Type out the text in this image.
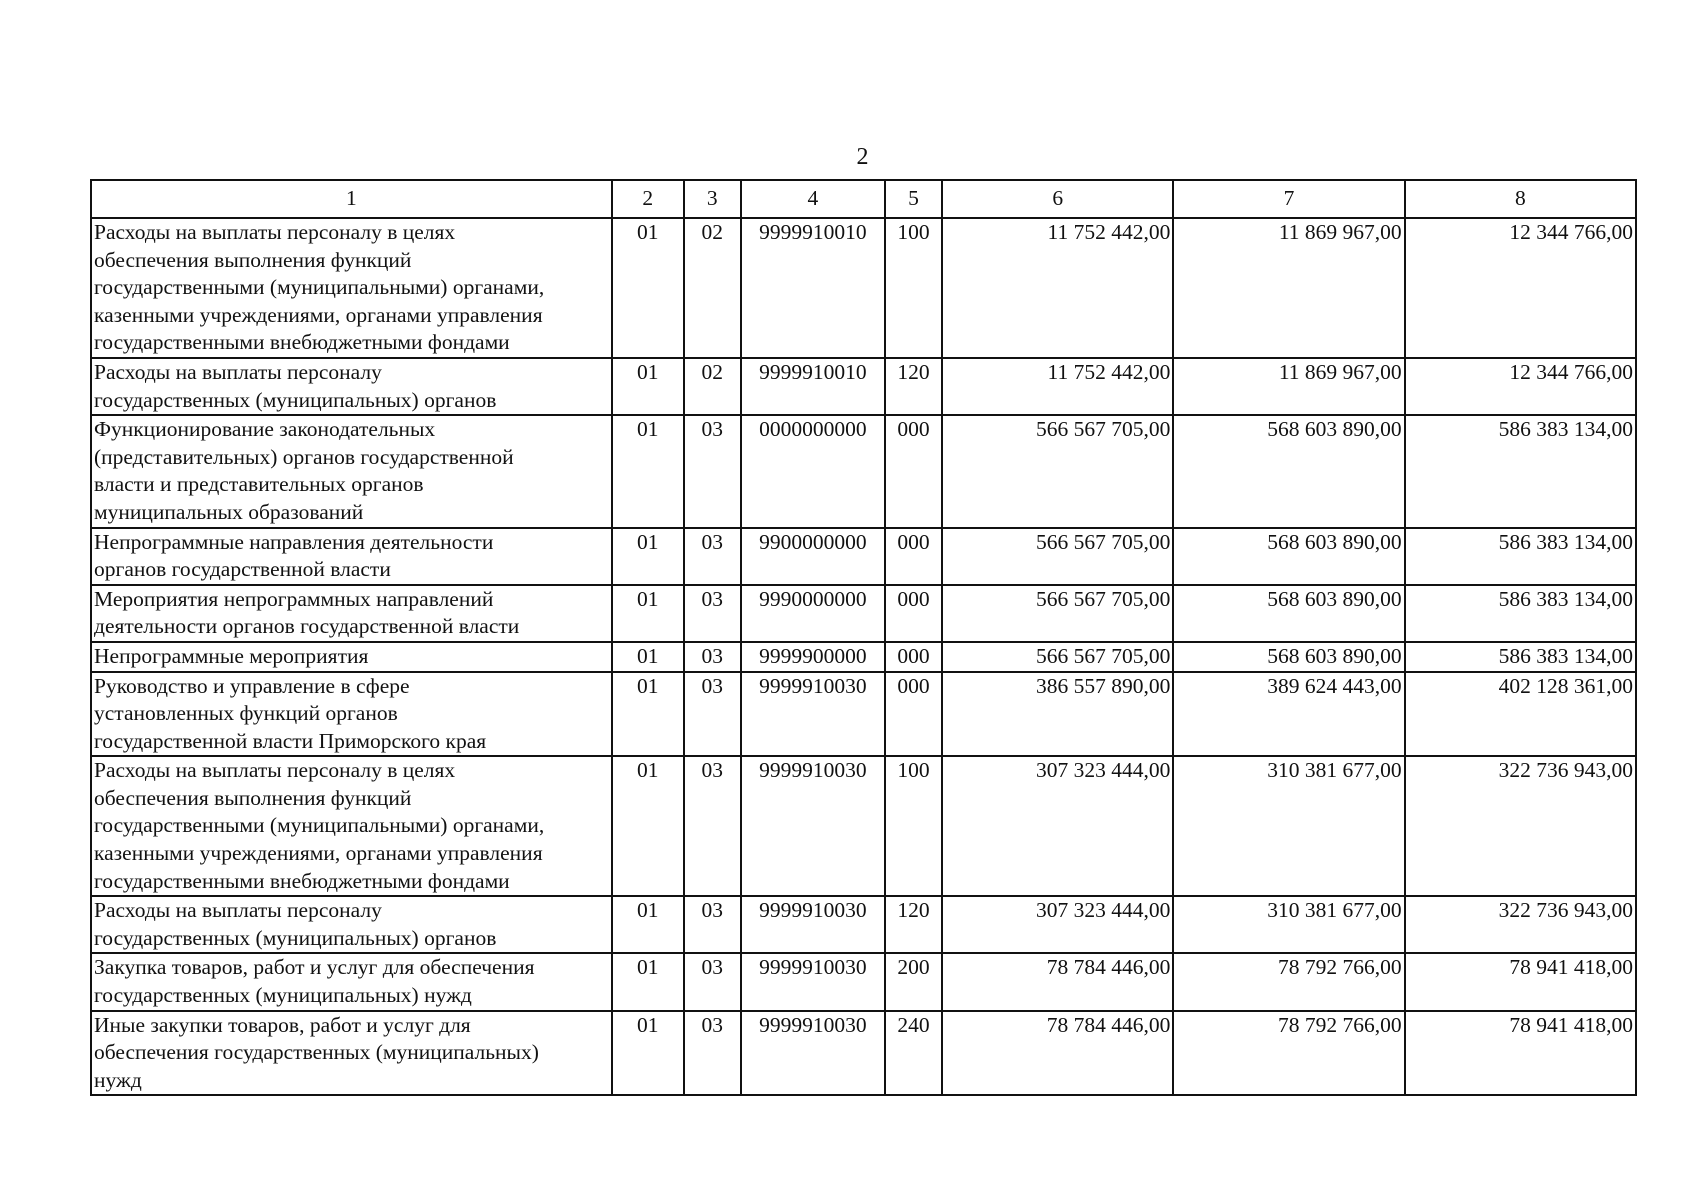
2
1	2	3	4	5	6	7	8

Расходы на выплаты персоналу в целях
обеспечения выполнения функций
государственными (муниципальными) органами,
казенными учреждениями, органами управления
государственными внебюджетными фондами	01	02	9999910010	100	11 752 442,00	11 869 967,00	12 344 766,00

Расходы на выплаты персоналу
государственных (муниципальных) органов	01	02	9999910010	120	11 752 442,00	11 869 967,00	12 344 766,00

Функционирование законодательных
(представительных) органов государственной
власти и представительных органов
муниципальных образований	01	03	0000000000	000	566 567 705,00	568 603 890,00	586 383 134,00

Непрограммные направления деятельности
органов государственной власти	01	03	9900000000	000	566 567 705,00	568 603 890,00	586 383 134,00

Мероприятия непрограммных направлений
деятельности органов государственной власти	01	03	9990000000	000	566 567 705,00	568 603 890,00	586 383 134,00

Непрограммные мероприятия	01	03	9999900000	000	566 567 705,00	568 603 890,00	586 383 134,00

Руководство и управление в сфере
установленных функций органов
государственной власти Приморского края	01	03	9999910030	000	386 557 890,00	389 624 443,00	402 128 361,00

Расходы на выплаты персоналу в целях
обеспечения выполнения функций
государственными (муниципальными) органами,
казенными учреждениями, органами управления
государственными внебюджетными фондами	01	03	9999910030	100	307 323 444,00	310 381 677,00	322 736 943,00

Расходы на выплаты персоналу
государственных (муниципальных) органов	01	03	9999910030	120	307 323 444,00	310 381 677,00	322 736 943,00

Закупка товаров, работ и услуг для обеспечения
государственных (муниципальных) нужд	01	03	9999910030	200	78 784 446,00	78 792 766,00	78 941 418,00

Иные закупки товаров, работ и услуг для
обеспечения государственных (муниципальных)
нужд	01	03	9999910030	240	78 784 446,00	78 792 766,00	78 941 418,00
